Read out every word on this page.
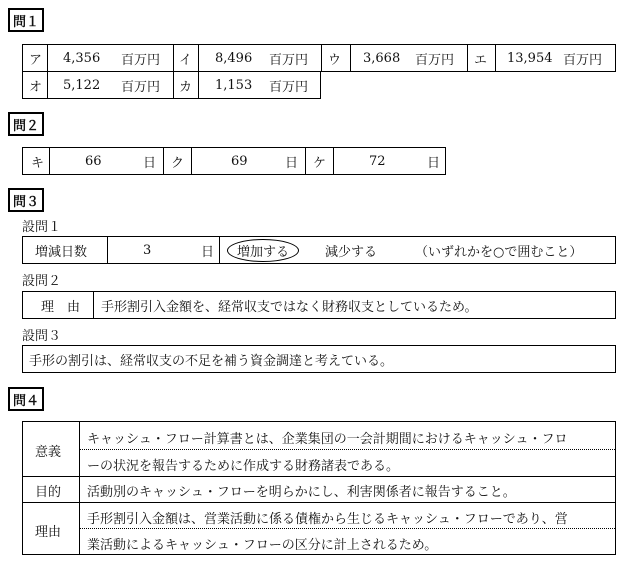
問１
ア 4,356 百万円 イ 8,496 百万円 ウ 3,668 百万円 エ 13,954 百万円
オ 5,122 百万円 カ 1,153 百万円
問２
キ	66	日 ク	69	日 ケ	72	日
問３
設問１
増減日数	3	日	増加する	減少する	（いずれかを○で囲むこと）
設問２
理　由 手形割引入金額を、経常収支ではなく財務収支としているため。
設問３
手形の割引は、経常収支の不足を補う資金調達と考えている。
問４
意義
キャッシュ・フロー計算書とは、企業集団の一会計期間におけるキャッシュ・フロ
ーの状況を報告するために作成する財務諸表である。
目的 活動別のキャッシュ・フローを明らかにし、利害関係者に報告すること。
理由
手形割引入金額は、営業活動に係る債権から生じるキャッシュ・フローであり、営
業活動によるキャッシュ・フローの区分に計上されるため。
